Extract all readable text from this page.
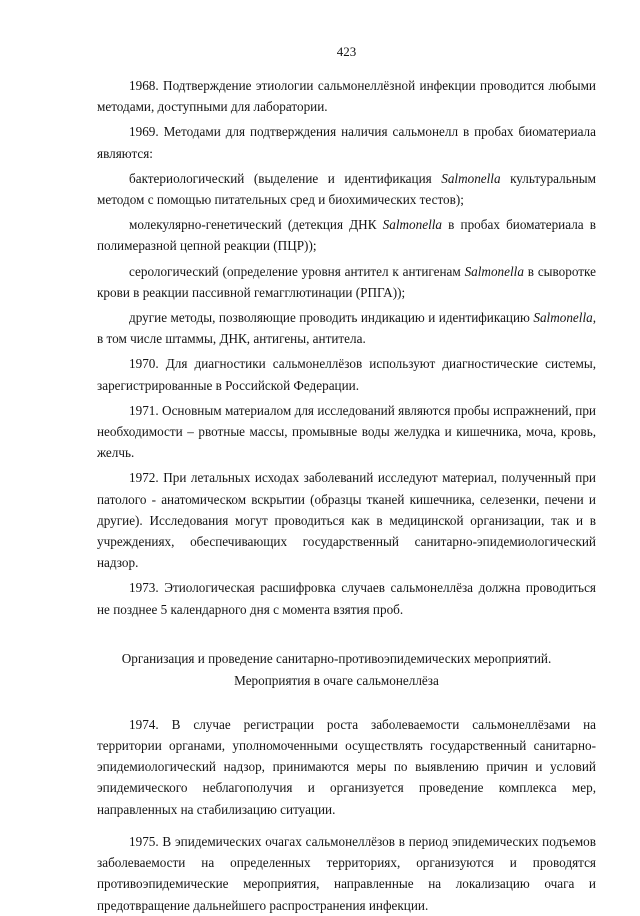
423

1968. Подтверждение этиологии сальмонеллёзной инфекции проводится любыми методами, доступными для лаборатории.

1969. Методами для подтверждения наличия сальмонелл в пробах биоматериала являются:

бактериологический (выделение и идентификация Salmonella культуральным методом с помощью питательных сред и биохимических тестов);

молекулярно-генетический (детекция ДНК Salmonella в пробах биоматериала в полимеразной цепной реакции (ПЦР));

серологический (определение уровня антител к антигенам Salmonella в сыворотке крови в реакции пассивной гемагглютинации (РПГА));

другие методы, позволяющие проводить индикацию и идентификацию Salmonella, в том числе штаммы, ДНК, антигены, антитела.

1970. Для диагностики сальмонеллёзов используют диагностические системы, зарегистрированные в Российской Федерации.

1971. Основным материалом для исследований являются пробы испражнений, при необходимости – рвотные массы, промывные воды желудка и кишечника, моча, кровь, желчь.

1972. При летальных исходах заболеваний исследуют материал, полученный при патолого - анатомическом вскрытии (образцы тканей кишечника, селезенки, печени и другие). Исследования могут проводиться как в медицинской организации, так и в учреждениях, обеспечивающих государственный санитарно-эпидемиологический надзор.

1973. Этиологическая расшифровка случаев сальмонеллёза должна проводиться не позднее 5 календарного дня с момента взятия проб.

Организация и проведение санитарно-противоэпидемических мероприятий.

Мероприятия в очаге сальмонеллёза

1974. В случае регистрации роста заболеваемости сальмонеллёзами на территории органами, уполномоченными осуществлять государственный санитарно-эпидемиологический надзор, принимаются меры по выявлению причин и условий эпидемического неблагополучия и организуется проведение комплекса мер, направленных на стабилизацию ситуации.

1975. В эпидемических очагах сальмонеллёзов в период эпидемических подъемов заболеваемости на определенных территориях, организуются и проводятся противоэпидемические мероприятия, направленные на локализацию очага и предотвращение дальнейшего распространения инфекции.
